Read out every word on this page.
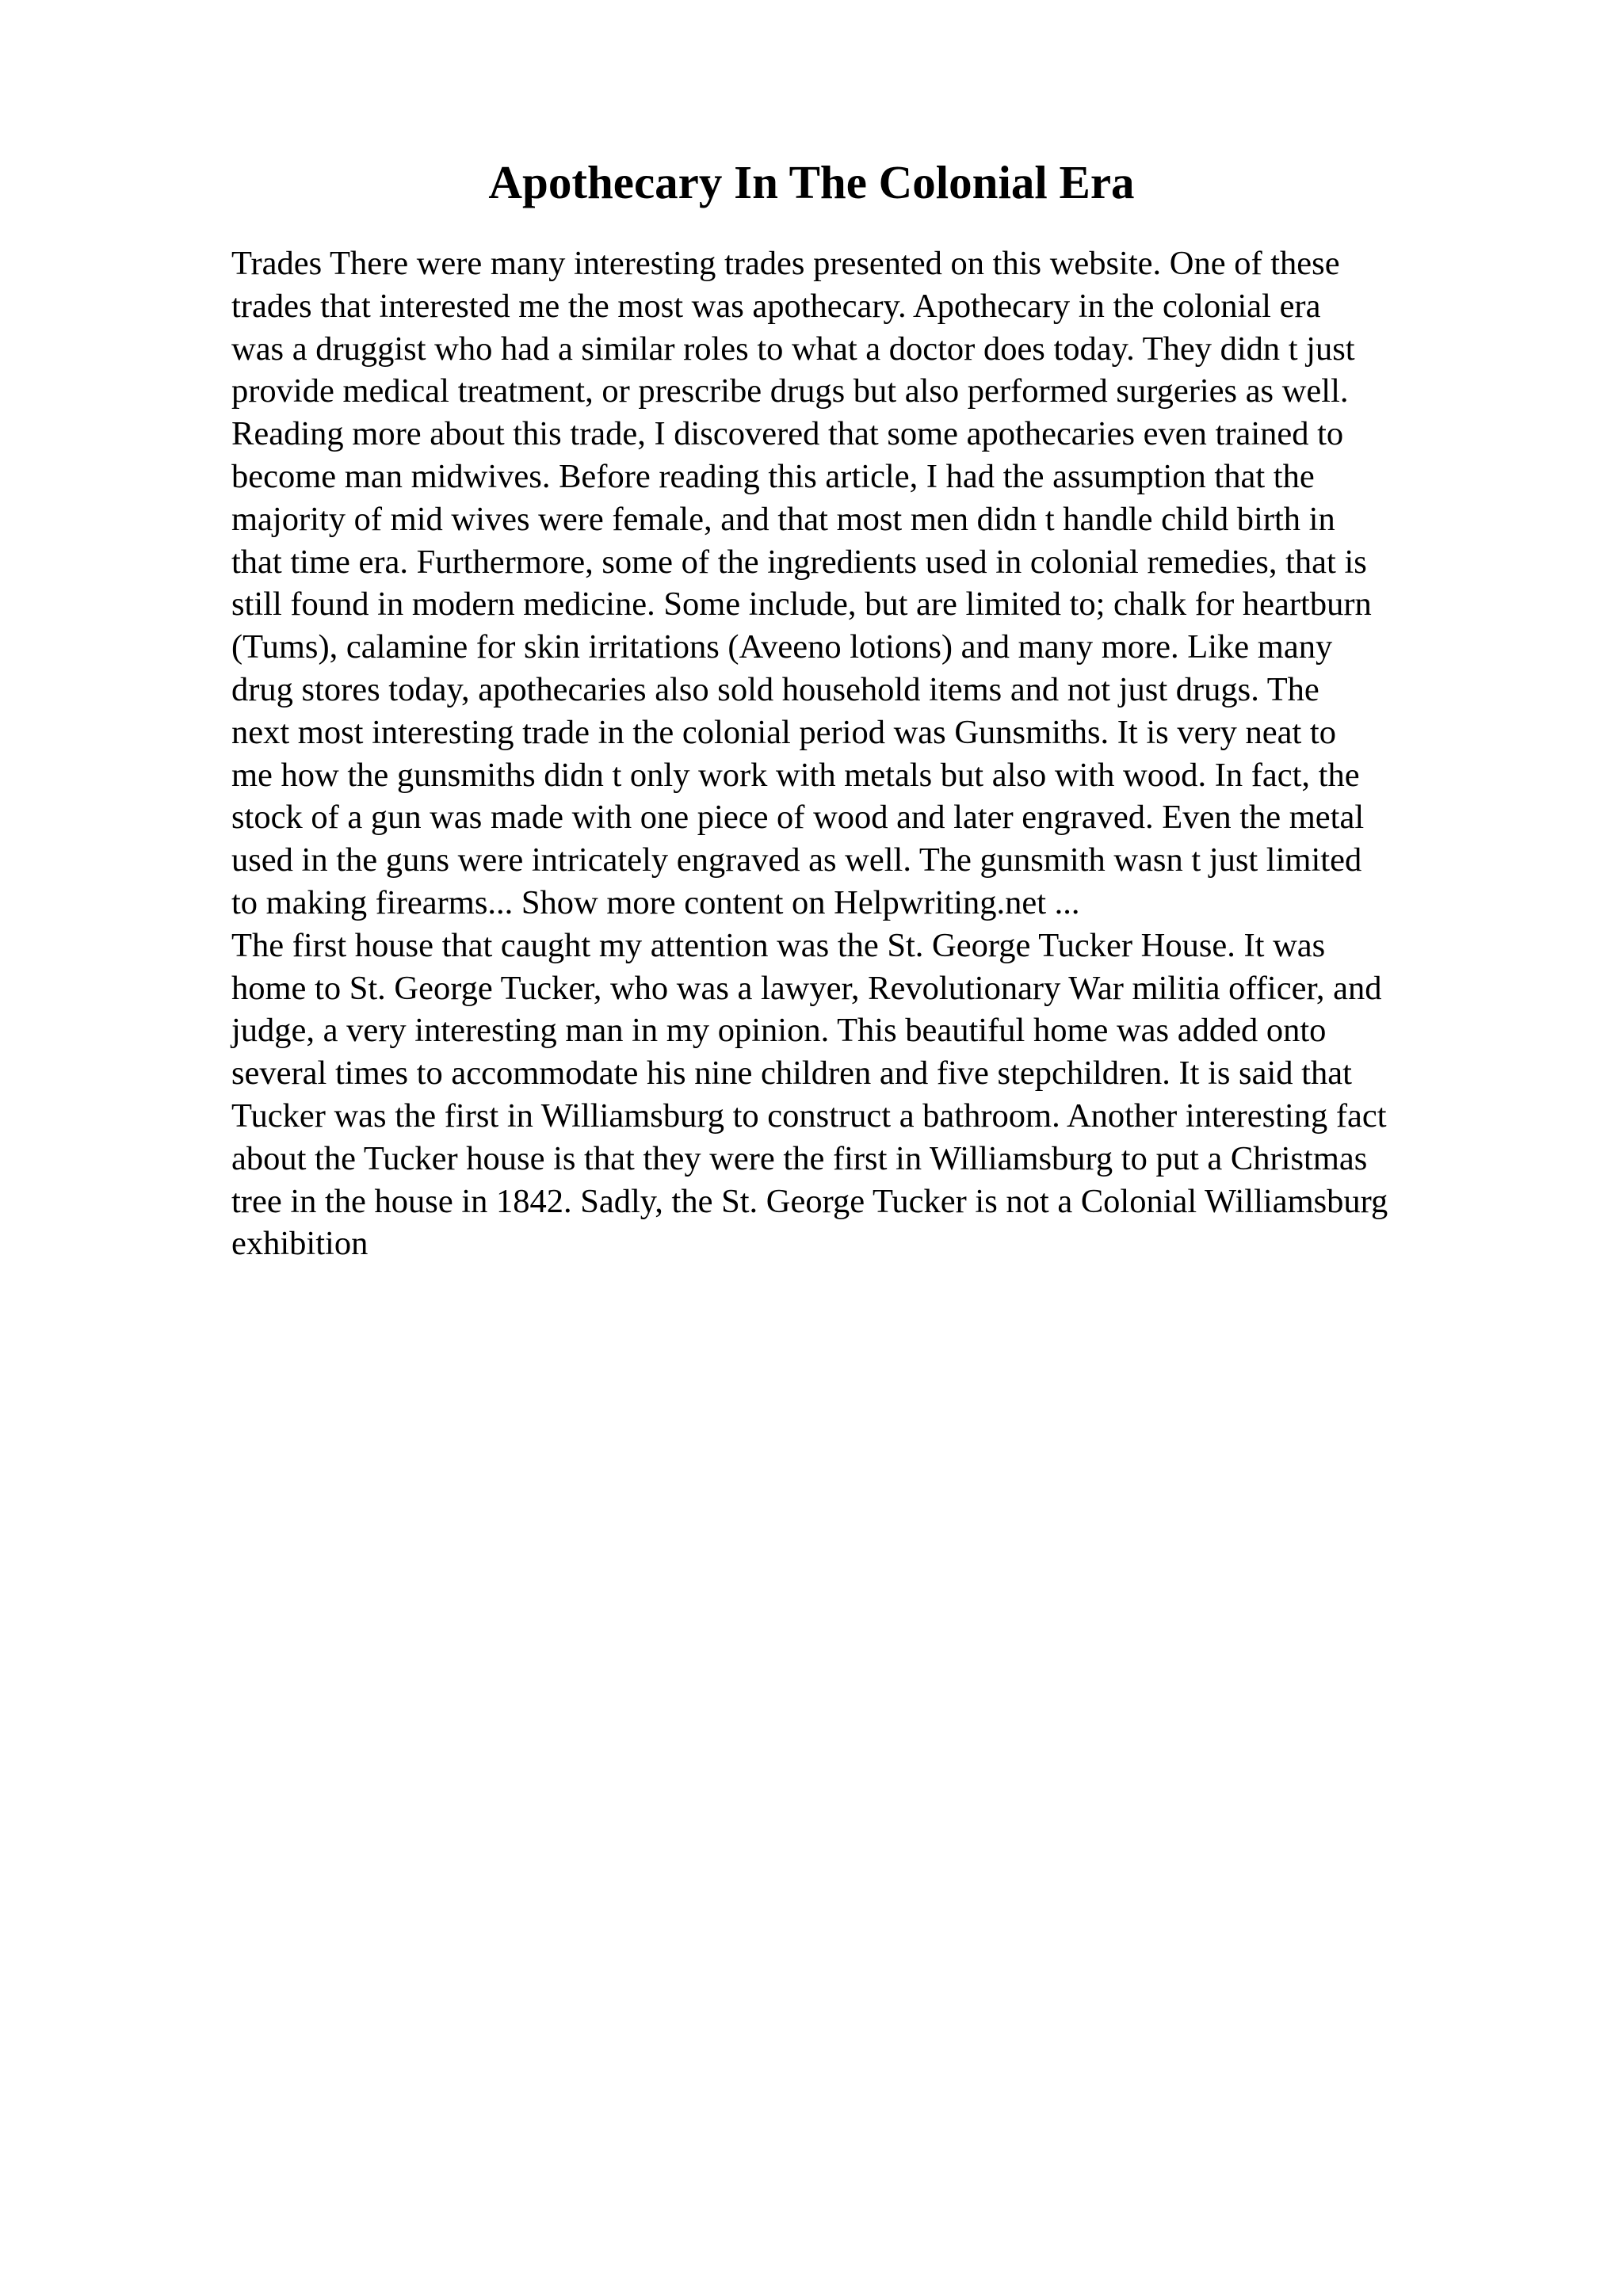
Apothecary In The Colonial Era
Trades There were many interesting trades presented on this website. One of these
trades that interested me the most was apothecary. Apothecary in the colonial era
was a druggist who had a similar roles to what a doctor does today. They didn t just
provide medical treatment, or prescribe drugs but also performed surgeries as well.
Reading more about this trade, I discovered that some apothecaries even trained to
become man midwives. Before reading this article, I had the assumption that the
majority of mid wives were female, and that most men didn t handle child birth in
that time era. Furthermore, some of the ingredients used in colonial remedies, that is
still found in modern medicine. Some include, but are limited to; chalk for heartburn
(Tums), calamine for skin irritations (Aveeno lotions) and many more. Like many
drug stores today, apothecaries also sold household items and not just drugs. The
next most interesting trade in the colonial period was Gunsmiths. It is very neat to
me how the gunsmiths didn t only work with metals but also with wood. In fact, the
stock of a gun was made with one piece of wood and later engraved. Even the metal
used in the guns were intricately engraved as well. The gunsmith wasn t just limited
to making firearms... Show more content on Helpwriting.net ...
The first house that caught my attention was the St. George Tucker House. It was
home to St. George Tucker, who was a lawyer, Revolutionary War militia officer, and
judge, a very interesting man in my opinion. This beautiful home was added onto
several times to accommodate his nine children and five stepchildren. It is said that
Tucker was the first in Williamsburg to construct a bathroom. Another interesting fact
about the Tucker house is that they were the first in Williamsburg to put a Christmas
tree in the house in 1842. Sadly, the St. George Tucker is not a Colonial Williamsburg
exhibition
